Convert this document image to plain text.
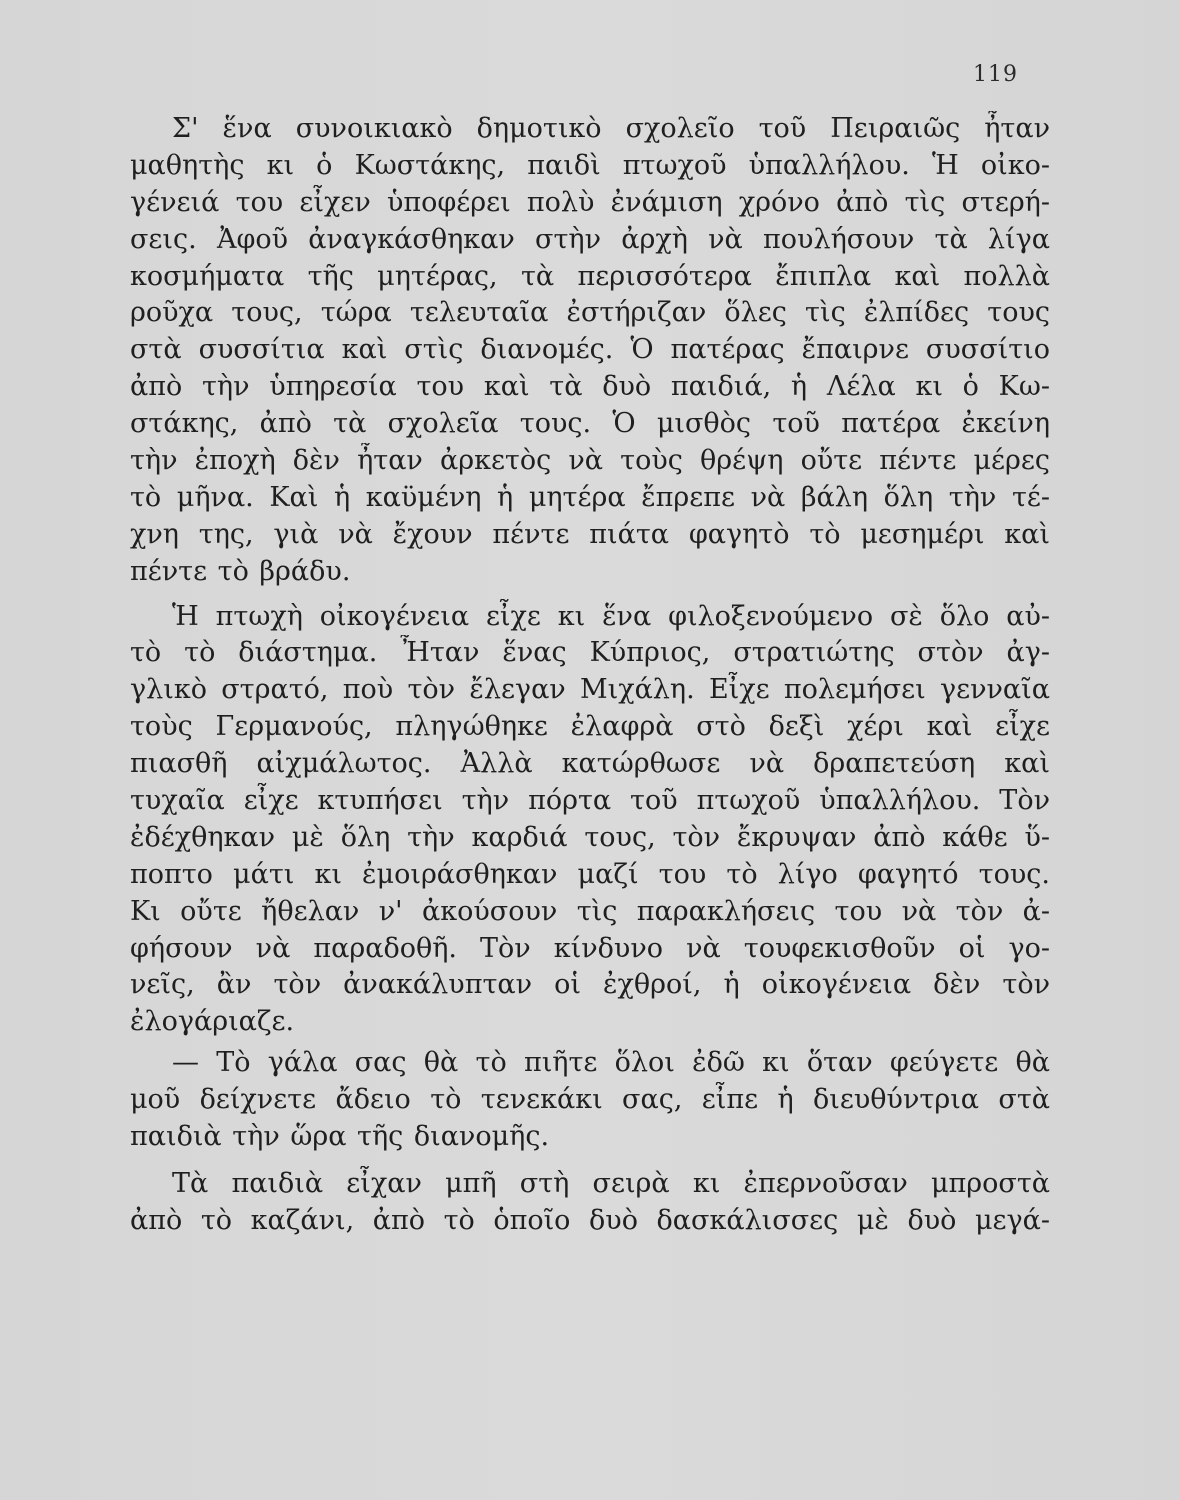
119
Σ' ἕνα συνοικιακὸ δημοτικὸ σχολεῖο τοῦ Πειραιῶς ἦταν
μαθητὴς κι ὁ Κωστάκης, παιδὶ πτωχοῦ ὑπαλλήλου. Ἡ οἰκο-
γένειά του εἶχεν ὑποφέρει πολὺ ἐνάμιση χρόνο ἀπὸ τὶς στερή-
σεις. Ἀφοῦ ἀναγκάσθηκαν στὴν ἀρχὴ νὰ πουλήσουν τὰ λίγα
κοσμήματα τῆς μητέρας, τὰ περισσότερα ἔπιπλα καὶ πολλὰ
ροῦχα τους, τώρα τελευταῖα ἐστήριζαν ὅλες τὶς ἐλπίδες τους
στὰ συσσίτια καὶ στὶς διανομές. Ὁ πατέρας ἔπαιρνε συσσίτιο
ἀπὸ τὴν ὑπηρεσία του καὶ τὰ δυὸ παιδιά, ἡ Λέλα κι ὁ Κω-
στάκης, ἀπὸ τὰ σχολεῖα τους. Ὁ μισθὸς τοῦ πατέρα ἐκείνη
τὴν ἐποχὴ δὲν ἦταν ἀρκετὸς νὰ τοὺς θρέψη οὔτε πέντε μέρες
τὸ μῆνα. Καὶ ἡ καϋμένη ἡ μητέρα ἔπρεπε νὰ βάλη ὅλη τὴν τέ-
χνη της, γιὰ νὰ ἔχουν πέντε πιάτα φαγητὸ τὸ μεσημέρι καὶ
πέντε τὸ βράδυ.
Ἡ πτωχὴ οἰκογένεια εἶχε κι ἕνα φιλοξενούμενο σὲ ὅλο αὐ-
τὸ τὸ διάστημα. Ἦταν ἕνας Κύπριος, στρατιώτης στὸν ἀγ-
γλικὸ στρατό, ποὺ τὸν ἔλεγαν Μιχάλη. Εἶχε πολεμήσει γενναῖα
τοὺς Γερμανούς, πληγώθηκε ἐλαφρὰ στὸ δεξὶ χέρι καὶ εἶχε
πιασθῆ αἰχμάλωτος. Ἀλλὰ κατώρθωσε νὰ δραπετεύση καὶ
τυχαῖα εἶχε κτυπήσει τὴν πόρτα τοῦ πτωχοῦ ὑπαλλήλου. Τὸν
ἐδέχθηκαν μὲ ὅλη τὴν καρδιά τους, τὸν ἔκρυψαν ἀπὸ κάθε ὕ-
ποπτο μάτι κι ἐμοιράσθηκαν μαζί του τὸ λίγο φαγητό τους.
Κι οὔτε ἤθελαν ν' ἀκούσουν τὶς παρακλήσεις του νὰ τὸν ἀ-
φήσουν νὰ παραδοθῆ. Τὸν κίνδυνο νὰ τουφεκισθοῦν οἱ γο-
νεῖς, ἂν τὸν ἀνακάλυπταν οἱ ἐχθροί, ἡ οἰκογένεια δὲν τὸν
ἐλογάριαζε.
— Τὸ γάλα σας θὰ τὸ πιῆτε ὅλοι ἐδῶ κι ὅταν φεύγετε θὰ
μοῦ δείχνετε ἄδειο τὸ τενεκάκι σας, εἶπε ἡ διευθύντρια στὰ
παιδιὰ τὴν ὥρα τῆς διανομῆς.
Τὰ παιδιὰ εἶχαν μπῆ στὴ σειρὰ κι ἐπερνοῦσαν μπροστὰ
ἀπὸ τὸ καζάνι, ἀπὸ τὸ ὁποῖο δυὸ δασκάλισσες μὲ δυὸ μεγά-
